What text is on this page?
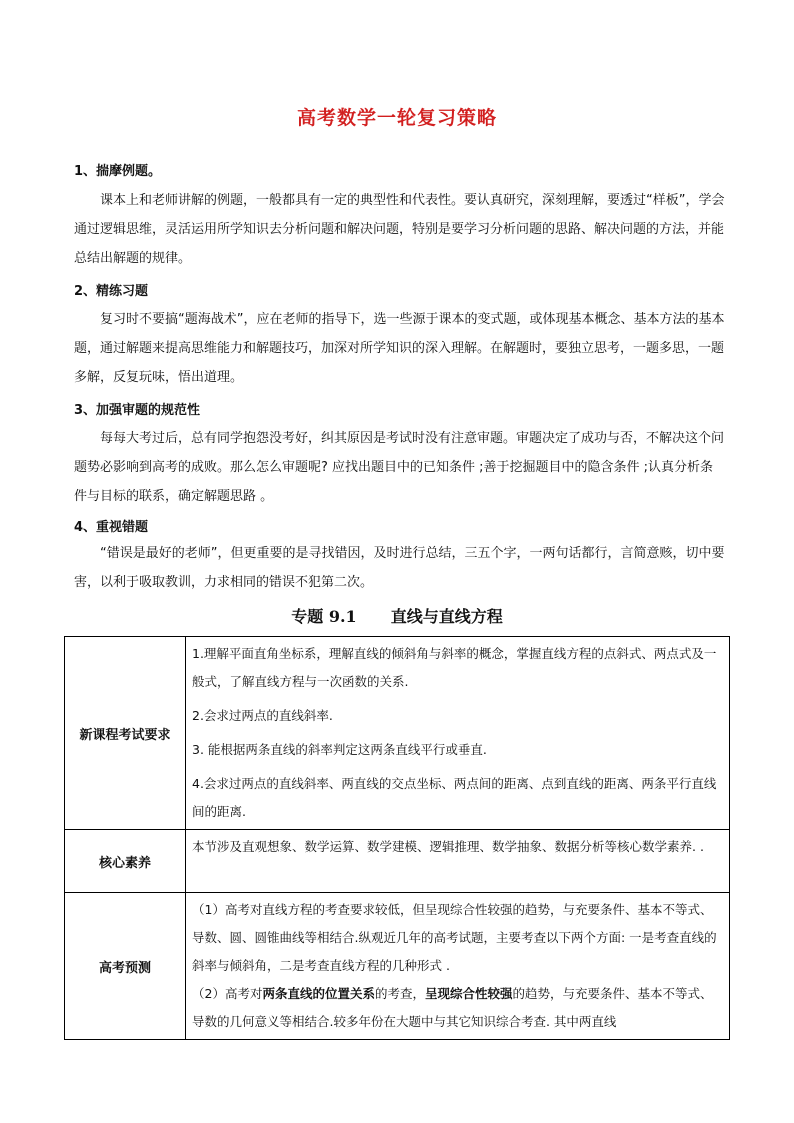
高考数学一轮复习策略
1、揣摩例题。

课本上和老师讲解的例题，一般都具有一定的典型性和代表性。要认真研究，深刻理解，要透过“样板”，学会通过逻辑思维，灵活运用所学知识去分析问题和解决问题，特别是要学习分析问题的思路、解决问题的方法，并能总结出解题的规律。

2、精练习题

复习时不要搞“题海战术”，应在老师的指导下，选一些源于课本的变式题，或体现基本概念、基本方法的基本题，通过解题来提高思维能力和解题技巧，加深对所学知识的深入理解。在解题时，要独立思考，一题多思，一题多解，反复玩味，悟出道理。

3、加强审题的规范性

每每大考过后，总有同学抱怨没考好，纠其原因是考试时没有注意审题。审题决定了成功与否，不解决这个问题势必影响到高考的成败。那么怎么审题呢? 应找出题目中的已知条件 ;善于挖掘题目中的隐含条件 ;认真分析条件与目标的联系，确定解题思路 。

4、重视错题

“错误是最好的老师”，但更重要的是寻找错因，及时进行总结，三五个字，一两句话都行，言简意赅，切中要害，以利于吸取教训，力求相同的错误不犯第二次。

专题 9.1 直线与直线方程
新课程考试要求	1.理解平面直角坐标系，理解直线的倾斜角与斜率的概念，掌握直线方程的点斜式、两点式及一般式，了解直线方程与一次函数的关系.

2.会求过两点的直线斜率.

3. 能根据两条直线的斜率判定这两条直线平行或垂直.

4.会求过两点的直线斜率、两直线的交点坐标、两点间的距离、点到直线的距离、两条平行直线间的距离.

核心素养	本节涉及直观想象、数学运算、数学建模、逻辑推理、数学抽象、数据分析等核心数学素养. .

高考预测	（1）高考对直线方程的考查要求较低，但呈现综合性较强的趋势，与充要条件、基本不等式、导数、圆、圆锥曲线等相结合.纵观近几年的高考试题，主要考查以下两个方面: 一是考查直线的斜率与倾斜角，二是考查直线方程的几种形式 .

（2）高考对两条直线的位置关系的考查，呈现综合性较强的趋势，与充要条件、基本不等式、导数的几何意义等相结合.较多年份在大题中与其它知识综合考查. 其中两直线
